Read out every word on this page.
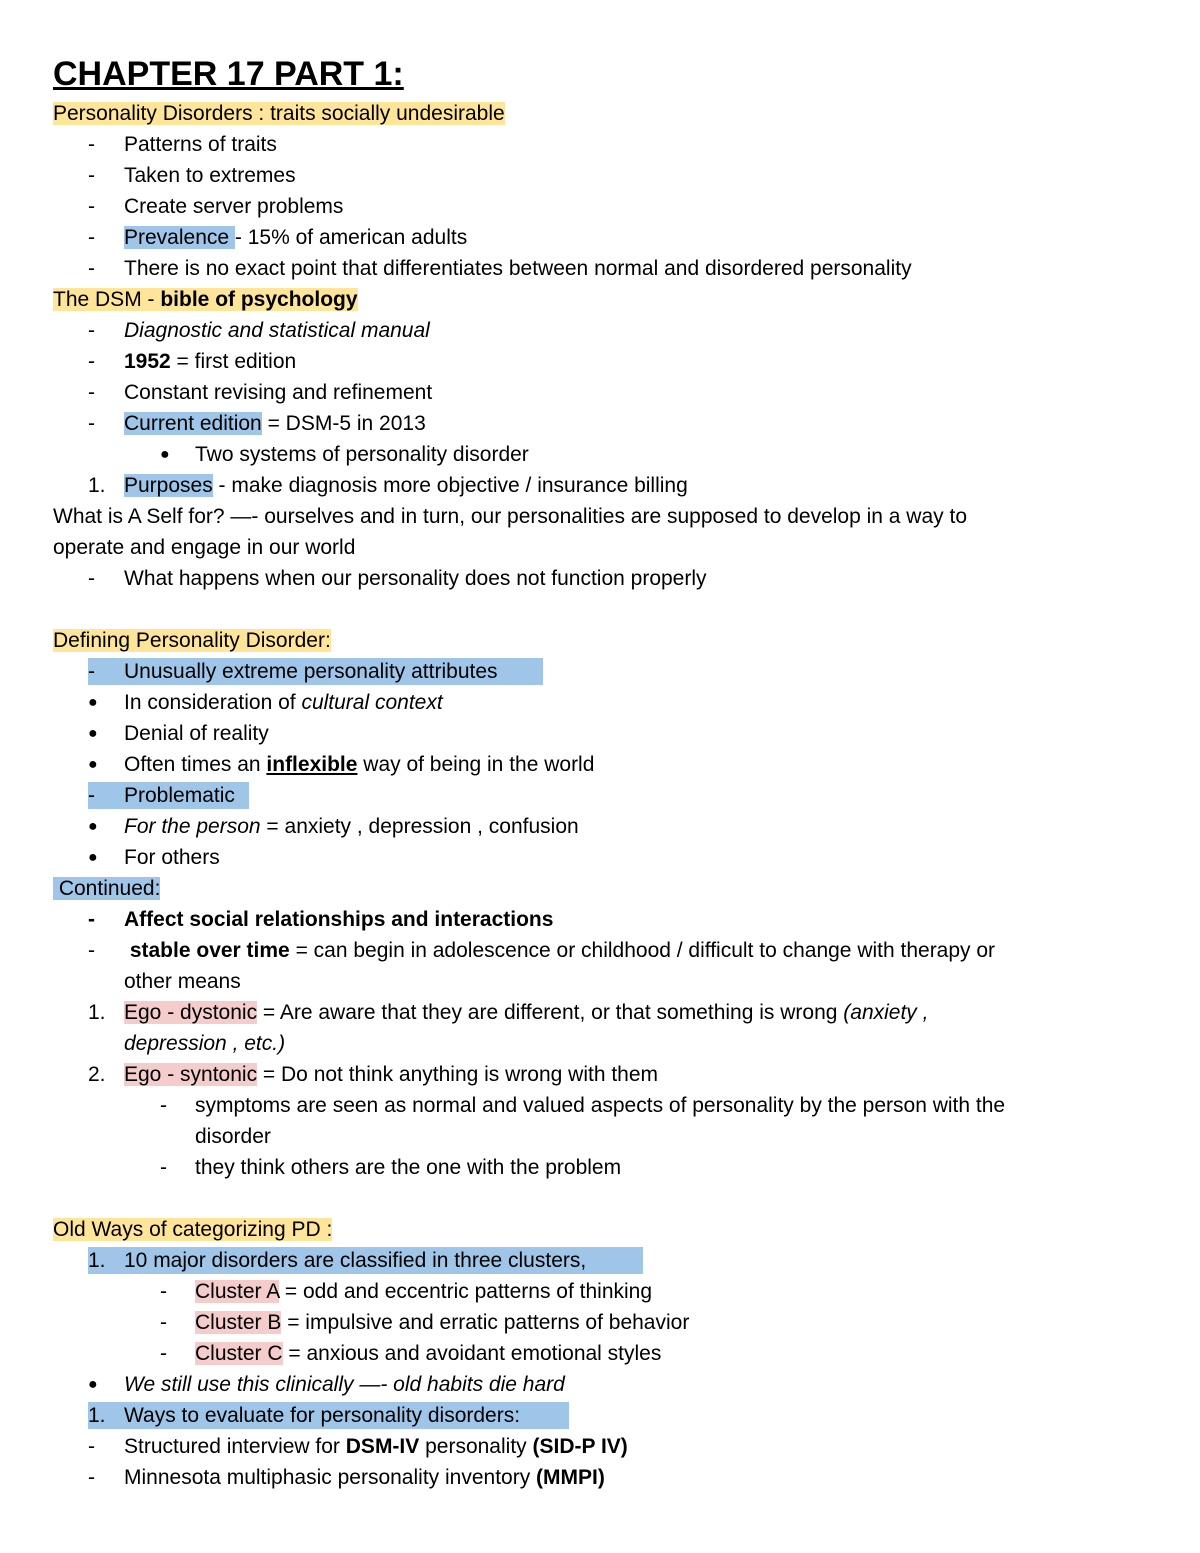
CHAPTER 17 PART 1:
Personality Disorders : traits socially undesirable
- Patterns of traits
- Taken to extremes
- Create server problems
- Prevalence - 15% of american adults
- There is no exact point that differentiates between normal and disordered personality
The DSM - bible of psychology
- Diagnostic and statistical manual
- 1952 = first edition
- Constant revising and refinement
- Current edition = DSM-5 in 2013
● Two systems of personality disorder
1. Purposes - make diagnosis more objective / insurance billing
What is A Self for? —- ourselves and in turn, our personalities are supposed to develop in a way to
operate and engage in our world
- What happens when our personality does not function properly
Defining Personality Disorder:
- Unusually extreme personality attributes
● In consideration of cultural context
● Denial of reality
● Often times an inflexible way of being in the world
- Problematic
● For the person = anxiety , depression , confusion
● For others
Continued:
- Affect social relationships and interactions
- stable over time = can begin in adolescence or childhood / difficult to change with therapy or
other means
1. Ego - dystonic = Are aware that they are different, or that something is wrong (anxiety ,
depression , etc.)
2. Ego - syntonic = Do not think anything is wrong with them
- symptoms are seen as normal and valued aspects of personality by the person with the
disorder
- they think others are the one with the problem
Old Ways of categorizing PD :
1. 10 major disorders are classified in three clusters,
- Cluster A = odd and eccentric patterns of thinking
- Cluster B = impulsive and erratic patterns of behavior
- Cluster C = anxious and avoidant emotional styles
● We still use this clinically —- old habits die hard
1. Ways to evaluate for personality disorders:
- Structured interview for DSM-IV personality (SID-P IV)
- Minnesota multiphasic personality inventory (MMPI)
